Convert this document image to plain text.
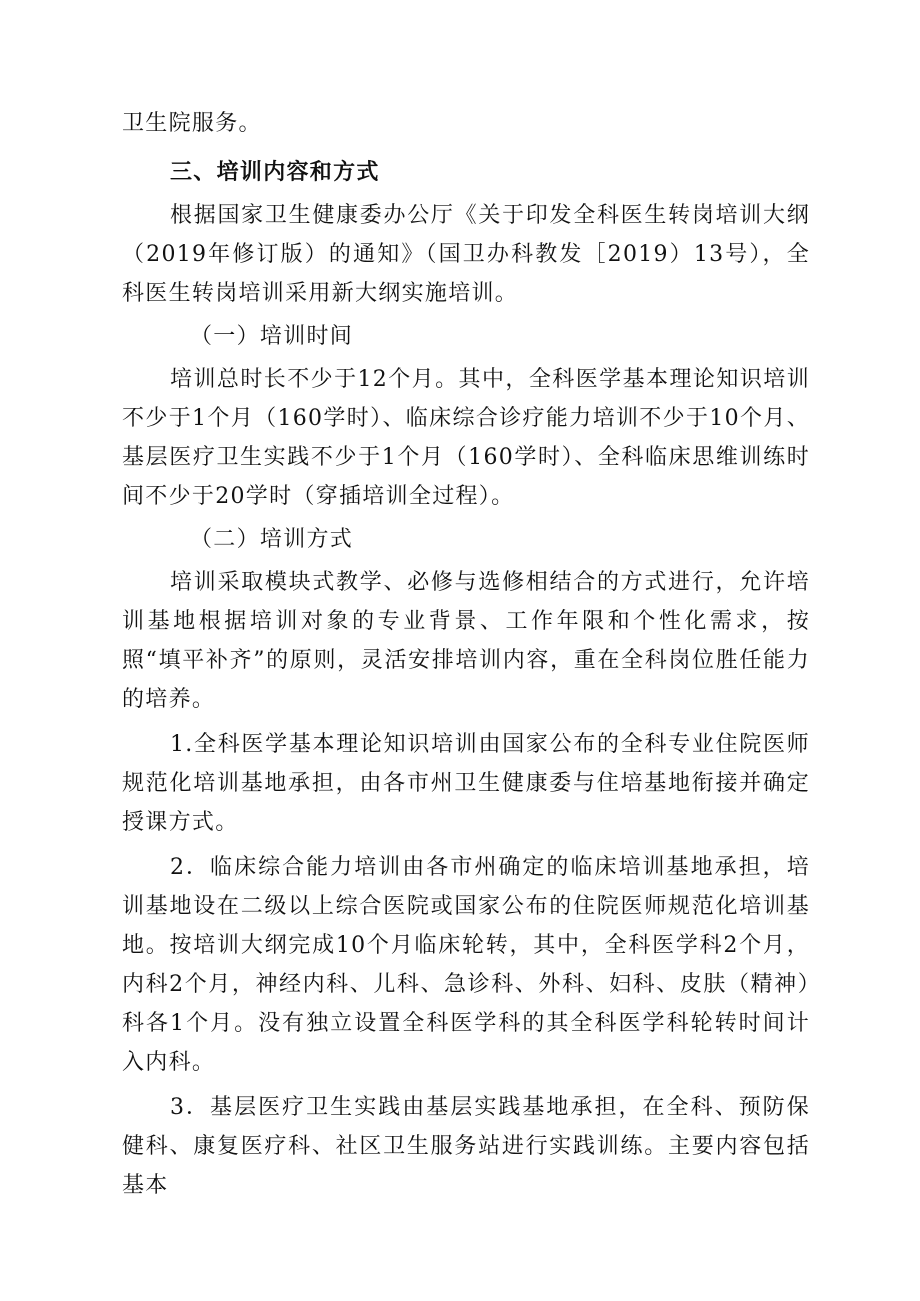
卫生院服务。

三、培训内容和方式

根据国家卫生健康委办公厅《关于印发全科医生转岗培训大纲（2019年修订版）的通知》（国卫办科教发［2019）13号），全科医生转岗培训采用新大纲实施培训。

（一）培训时间

培训总时长不少于12个月。其中，全科医学基本理论知识培训不少于1个月（160学时）、临床综合诊疗能力培训不少于10个月、基层医疗卫生实践不少于1个月（160学时）、全科临床思维训练时间不少于20学时（穿插培训全过程）。

（二）培训方式

培训采取模块式教学、必修与选修相结合的方式进行，允许培训基地根据培训对象的专业背景、工作年限和个性化需求，按照“填平补齐”的原则，灵活安排培训内容，重在全科岗位胜任能力的培养。

1.全科医学基本理论知识培训由国家公布的全科专业住院医师规范化培训基地承担，由各市州卫生健康委与住培基地衔接并确定授课方式。

2．临床综合能力培训由各市州确定的临床培训基地承担，培训基地设在二级以上综合医院或国家公布的住院医师规范化培训基地。按培训大纲完成10个月临床轮转，其中，全科医学科2个月，内科2个月，神经内科、儿科、急诊科、外科、妇科、皮肤（精神）科各1个月。没有独立设置全科医学科的其全科医学科轮转时间计入内科。

3．基层医疗卫生实践由基层实践基地承担，在全科、预防保健科、康复医疗科、社区卫生服务站进行实践训练。主要内容包括基本
